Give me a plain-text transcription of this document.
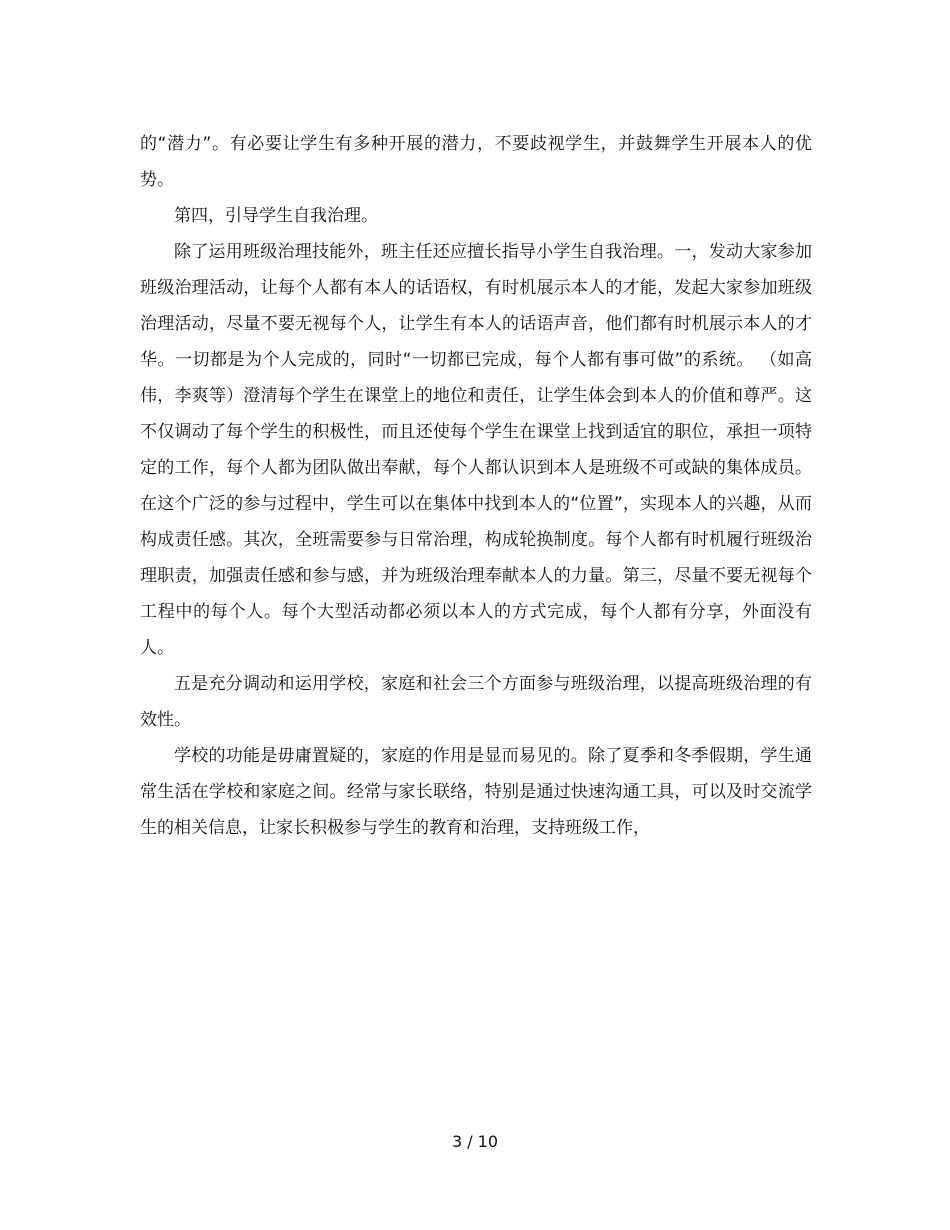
的“潜力”。有必要让学生有多种开展的潜力，不要歧视学生，并鼓舞学生开展本人的优势。

第四，引导学生自我治理。

除了运用班级治理技能外，班主任还应擅长指导小学生自我治理。一，发动大家参加班级治理活动，让每个人都有本人的话语权，有时机展示本人的才能，发起大家参加班级治理活动，尽量不要无视每个人，让学生有本人的话语声音，他们都有时机展示本人的才华。一切都是为个人完成的，同时“一切都已完成，每个人都有事可做”的系统。 （如高伟，李爽等）澄清每个学生在课堂上的地位和责任，让学生体会到本人的价值和尊严。这不仅调动了每个学生的积极性，而且还使每个学生在课堂上找到适宜的职位，承担一项特定的工作，每个人都为团队做出奉献，每个人都认识到本人是班级不可或缺的集体成员。在这个广泛的参与过程中，学生可以在集体中找到本人的“位置”，实现本人的兴趣，从而构成责任感。其次，全班需要参与日常治理，构成轮换制度。每个人都有时机履行班级治理职责，加强责任感和参与感，并为班级治理奉献本人的力量。第三，尽量不要无视每个工程中的每个人。每个大型活动都必须以本人的方式完成，每个人都有分享，外面没有人。

五是充分调动和运用学校，家庭和社会三个方面参与班级治理，以提高班级治理的有效性。

学校的功能是毋庸置疑的，家庭的作用是显而易见的。除了夏季和冬季假期，学生通常生活在学校和家庭之间。经常与家长联络，特别是通过快速沟通工具，可以及时交流学生的相关信息，让家长积极参与学生的教育和治理，支持班级工作，

3 / 10
